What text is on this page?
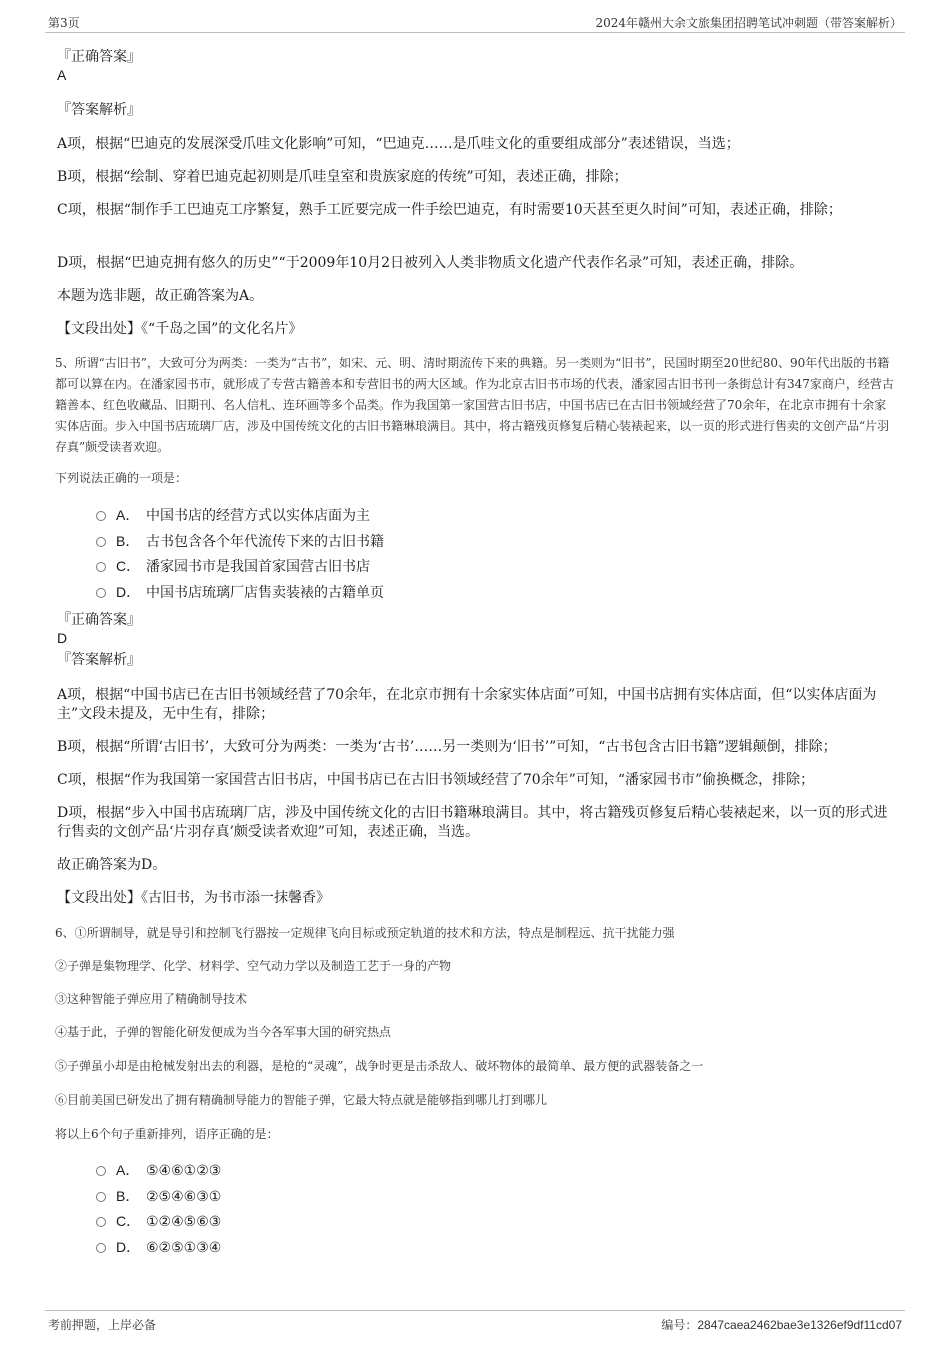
第3页	2024年赣州大余文旅集团招聘笔试冲刺题（带答案解析）
『正确答案』
A
『答案解析』
A项，根据“巴迪克的发展深受爪哇文化影响”可知，“巴迪克……是爪哇文化的重要组成部分”表述错误，当选；
B项，根据“绘制、穿着巴迪克起初则是爪哇皇室和贵族家庭的传统”可知，表述正确，排除；
C项，根据“制作手工巴迪克工序繁复，熟手工匠要完成一件手绘巴迪克，有时需要10天甚至更久时间”可知，表述正确，排除；
D项，根据“巴迪克拥有悠久的历史”“于2009年10月2日被列入人类非物质文化遗产代表作名录”可知，表述正确，排除。
本题为选非题，故正确答案为A。
【文段出处】《“千岛之国”的文化名片》
5、所谓“古旧书”，大致可分为两类：一类为“古书”，如宋、元、明、清时期流传下来的典籍。另一类则为“旧书”，民国时期至20世纪80、90年代出版的书籍都可以算在内。在潘家园书市，就形成了专营古籍善本和专营旧书的两大区域。作为北京古旧书市场的代表，潘家园古旧书刊一条街总计有347家商户，经营古籍善本、红色收藏品、旧期刊、名人信札、连环画等多个品类。作为我国第一家国营古旧书店，中国书店已在古旧书领域经营了70余年，在北京市拥有十余家实体店面。步入中国书店琉璃厂店，涉及中国传统文化的古旧书籍琳琅满目。其中，将古籍残页修复后精心装裱起来，以一页的形式进行售卖的文创产品“片羽存真”颇受读者欢迎。
下列说法正确的一项是：
A． 中国书店的经营方式以实体店面为主
B． 古书包含各个年代流传下来的古旧书籍
C． 潘家园书市是我国首家国营古旧书店
D． 中国书店琉璃厂店售卖装裱的古籍单页
『正确答案』
D
『答案解析』
A项，根据“中国书店已在古旧书领域经营了70余年，在北京市拥有十余家实体店面”可知，中国书店拥有实体店面，但“以实体店面为主”文段未提及，无中生有，排除；
B项，根据“所谓‘古旧书’，大致可分为两类：一类为‘古书’……另一类则为‘旧书’”可知，“古书包含古旧书籍”逻辑颠倒，排除；
C项，根据“作为我国第一家国营古旧书店，中国书店已在古旧书领域经营了70余年”可知，“潘家园书市”偷换概念，排除；
D项，根据“步入中国书店琉璃厂店，涉及中国传统文化的古旧书籍琳琅满目。其中，将古籍残页修复后精心装裱起来，以一页的形式进行售卖的文创产品‘片羽存真’颇受读者欢迎”可知，表述正确，当选。
故正确答案为D。
【文段出处】《古旧书，为书市添一抹馨香》
6、①所谓制导，就是导引和控制飞行器按一定规律飞向目标或预定轨道的技术和方法，特点是制程远、抗干扰能力强
②子弹是集物理学、化学、材料学、空气动力学以及制造工艺于一身的产物
③这种智能子弹应用了精确制导技术
④基于此，子弹的智能化研发便成为当今各军事大国的研究热点
⑤子弹虽小却是由枪械发射出去的利器，是枪的“灵魂”，战争时更是击杀敌人、破坏物体的最简单、最方便的武器装备之一
⑥目前美国已研发出了拥有精确制导能力的智能子弹，它最大特点就是能够指到哪儿打到哪儿
将以上6个句子重新排列，语序正确的是：
A． ⑤④⑥①②③
B． ②⑤④⑥③①
C． ①②④⑤⑥③
D． ⑥②⑤①③④
考前押题，上岸必备	编号：2847caea2462bae3e1326ef9df11cd07
